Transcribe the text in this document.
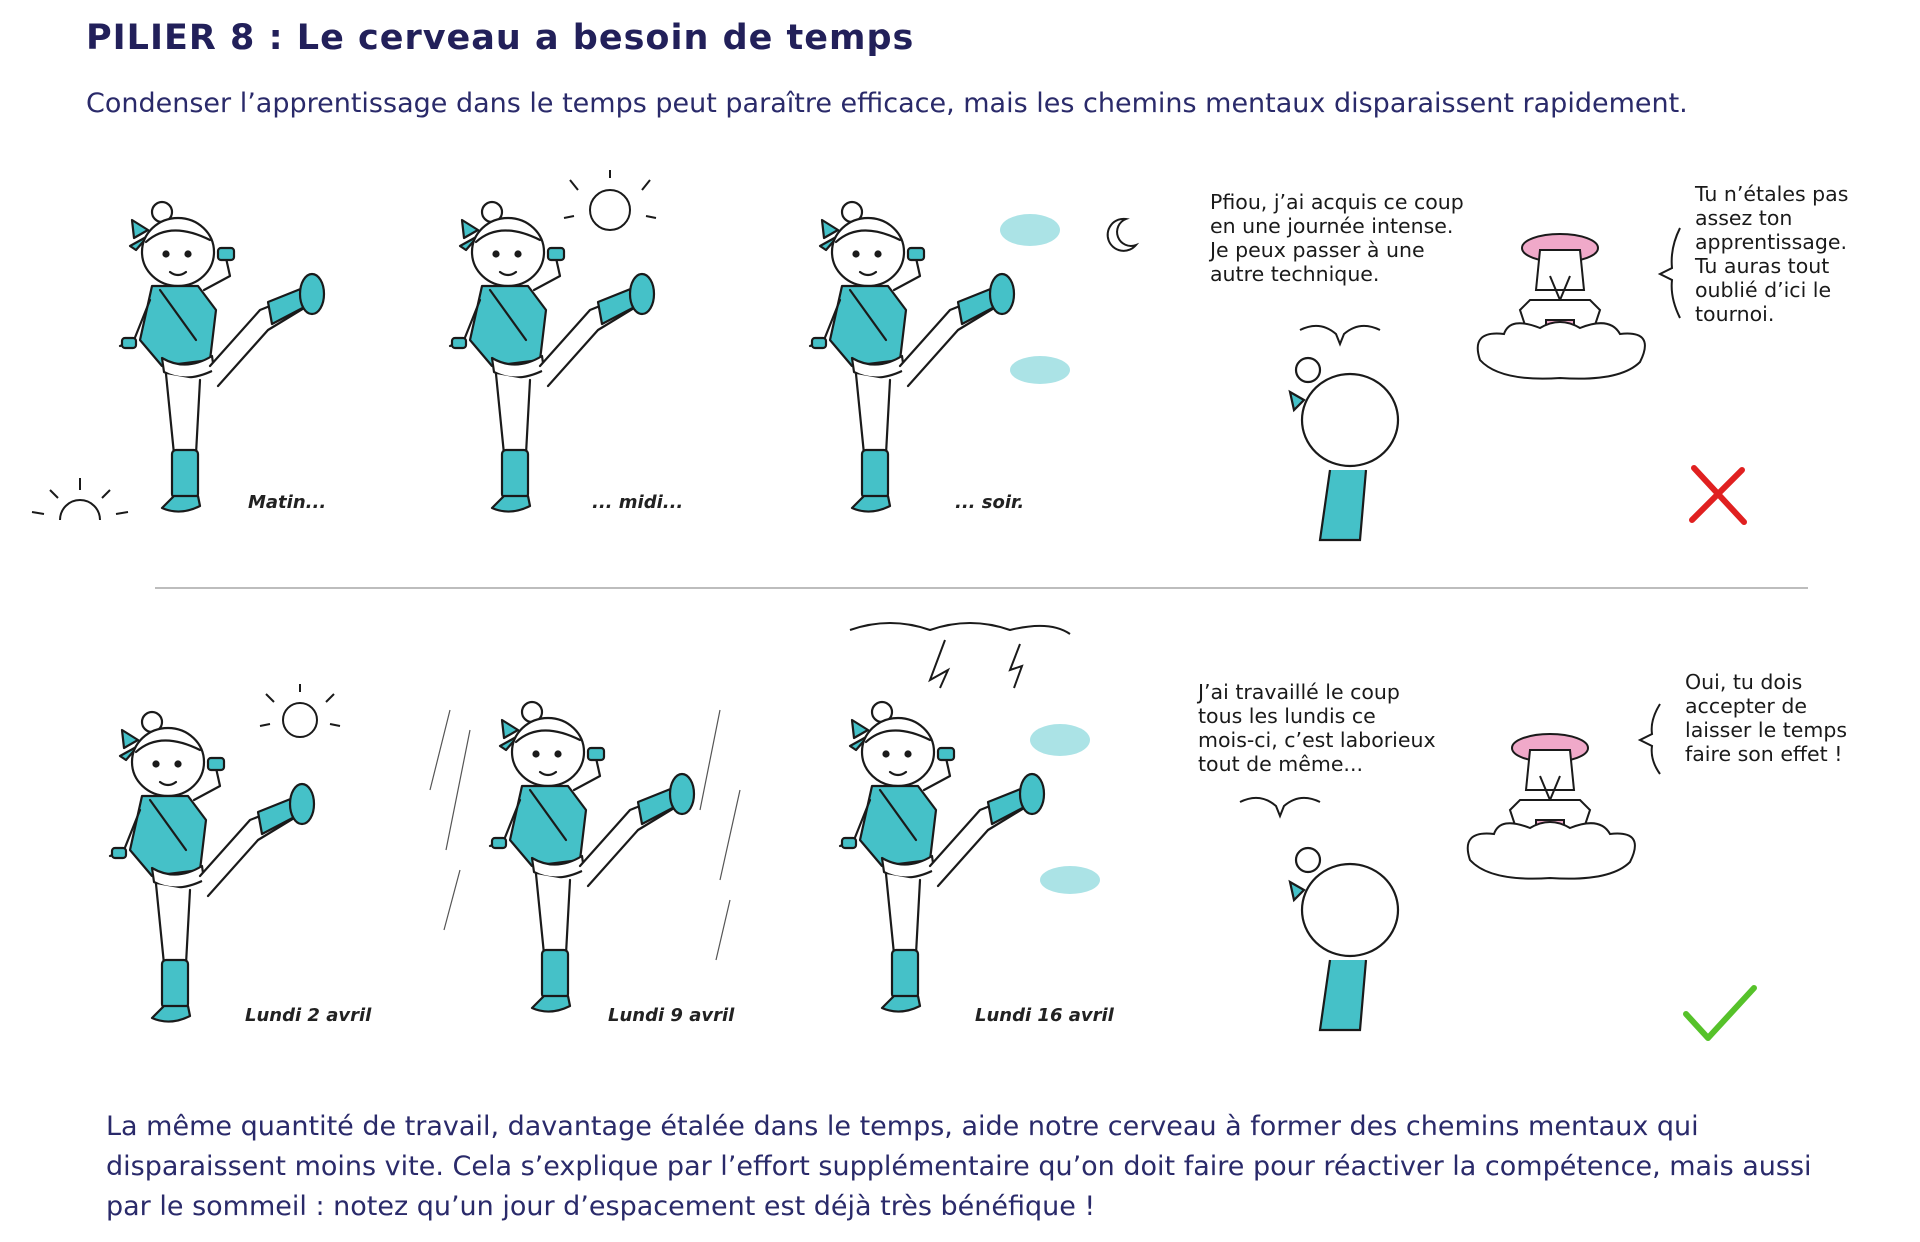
PILIER 8 : Le cerveau a besoin de temps
Condenser l’apprentissage dans le temps peut paraître efficace, mais les chemins mentaux disparaissent rapidement.
Matin...	... midi...	... soir.
Pfiou, j’ai acquis ce coup
en une journée intense.
Je peux passer à une
autre technique.
Tu n’étales pas
assez ton
apprentissage.
Tu auras tout
oublié d’ici le
tournoi.
Lundi 2 avril	Lundi 9 avril	Lundi 16 avril
J’ai travaillé le coup
tous les lundis ce
mois-ci, c’est laborieux
tout de même...
Oui, tu dois
accepter de
laisser le temps
faire son effet !
La même quantité de travail, davantage étalée dans le temps, aide notre cerveau à former des chemins mentaux qui disparaissent moins vite. Cela s’explique par l’effort supplémentaire qu’on doit faire pour réactiver la compétence, mais aussi par le sommeil : notez qu’un jour d’espacement est déjà très bénéfique !
